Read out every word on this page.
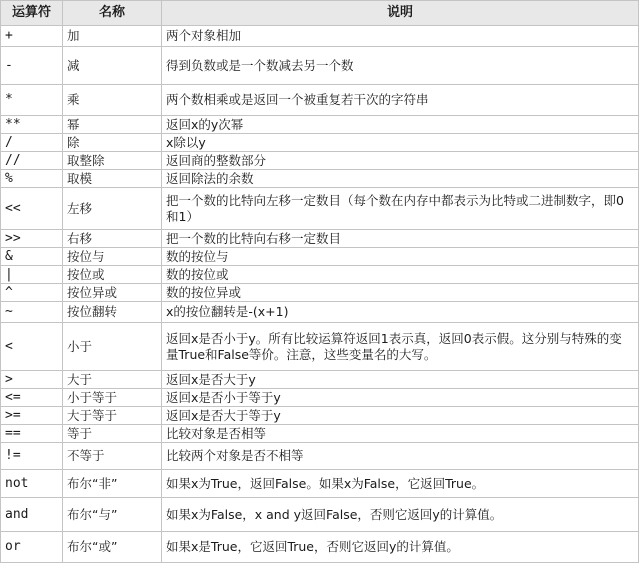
运算符	名称	说明
+	加	两个对象相加
-	减	得到负数或是一个数减去另一个数
*	乘	两个数相乘或是返回一个被重复若干次的字符串
**	幂	返回x的y次幂
/	除	x除以y
//	取整除	返回商的整数部分
%	取模	返回除法的余数
<<	左移	把一个数的比特向左移一定数目（每个数在内存中都表示为比特或二进制数字，即0和1）
>>	右移	把一个数的比特向右移一定数目
&	按位与	数的按位与
|	按位或	数的按位或
^	按位异或	数的按位异或
~	按位翻转	x的按位翻转是-(x+1)
<	小于	返回x是否小于y。所有比较运算符返回1表示真，返回0表示假。这分别与特殊的变量True和False等价。注意，这些变量名的大写。
>	大于	返回x是否大于y
<=	小于等于	返回x是否小于等于y
>=	大于等于	返回x是否大于等于y
==	等于	比较对象是否相等
!=	不等于	比较两个对象是否不相等
not	布尔“非”	如果x为True，返回False。如果x为False，它返回True。
and	布尔“与”	如果x为False，x and y返回False，否则它返回y的计算值。
or	布尔“或”	如果x是True，它返回True，否则它返回y的计算值。
